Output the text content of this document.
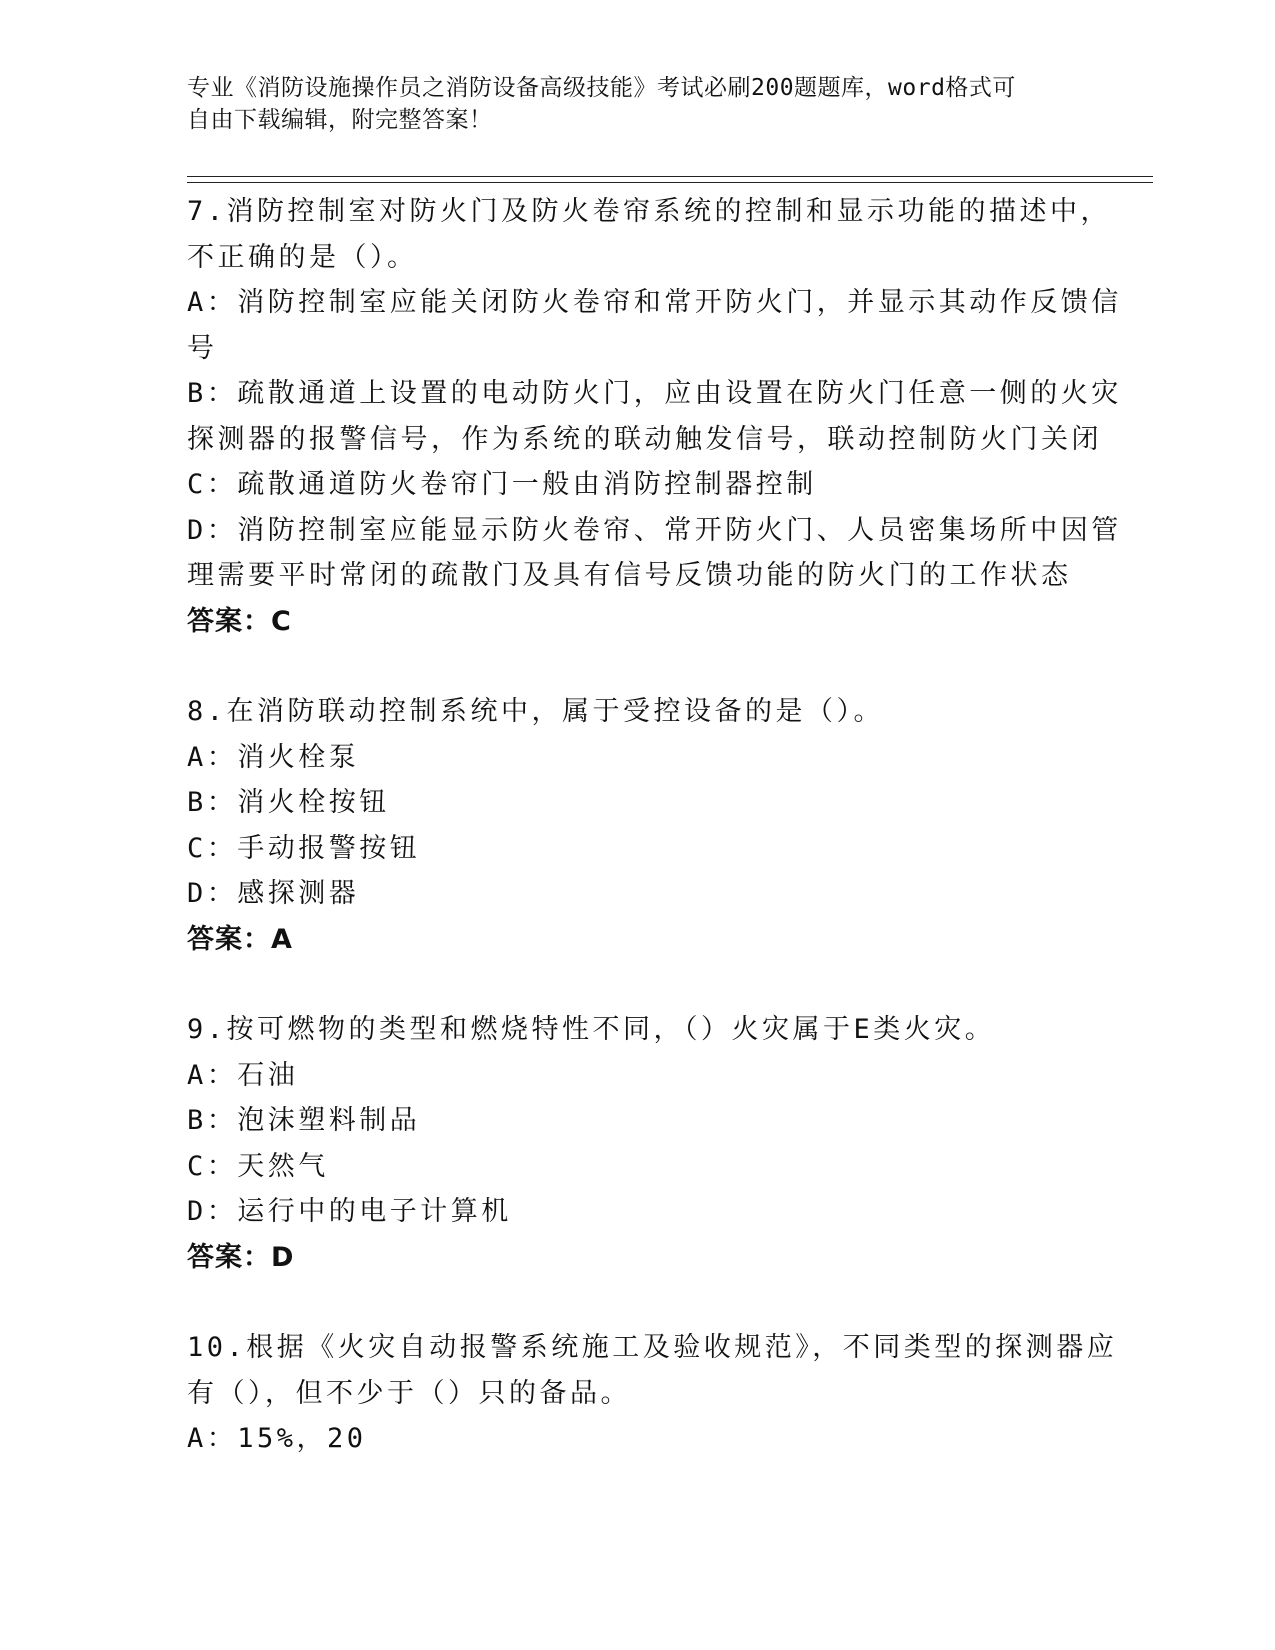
专业《消防设施操作员之消防设备高级技能》考试必刷200题题库，word格式可
自由下载编辑，附完整答案！
7.消防控制室对防火门及防火卷帘系统的控制和显示功能的描述中，
不正确的是（）。
A：消防控制室应能关闭防火卷帘和常开防火门，并显示其动作反馈信
号
B：疏散通道上设置的电动防火门，应由设置在防火门任意一侧的火灾
探测器的报警信号，作为系统的联动触发信号，联动控制防火门关闭
C：疏散通道防火卷帘门一般由消防控制器控制
D：消防控制室应能显示防火卷帘、常开防火门、人员密集场所中因管
理需要平时常闭的疏散门及具有信号反馈功能的防火门的工作状态
答案：C
8.在消防联动控制系统中，属于受控设备的是（）。
A：消火栓泵
B：消火栓按钮
C：手动报警按钮
D：感探测器
答案：A
9.按可燃物的类型和燃烧特性不同，（）火灾属于E类火灾。
A：石油
B：泡沫塑料制品
C：天然气
D：运行中的电子计算机
答案：D
10.根据《火灾自动报警系统施工及验收规范》，不同类型的探测器应
有（），但不少于（）只的备品。
A：15%，20
